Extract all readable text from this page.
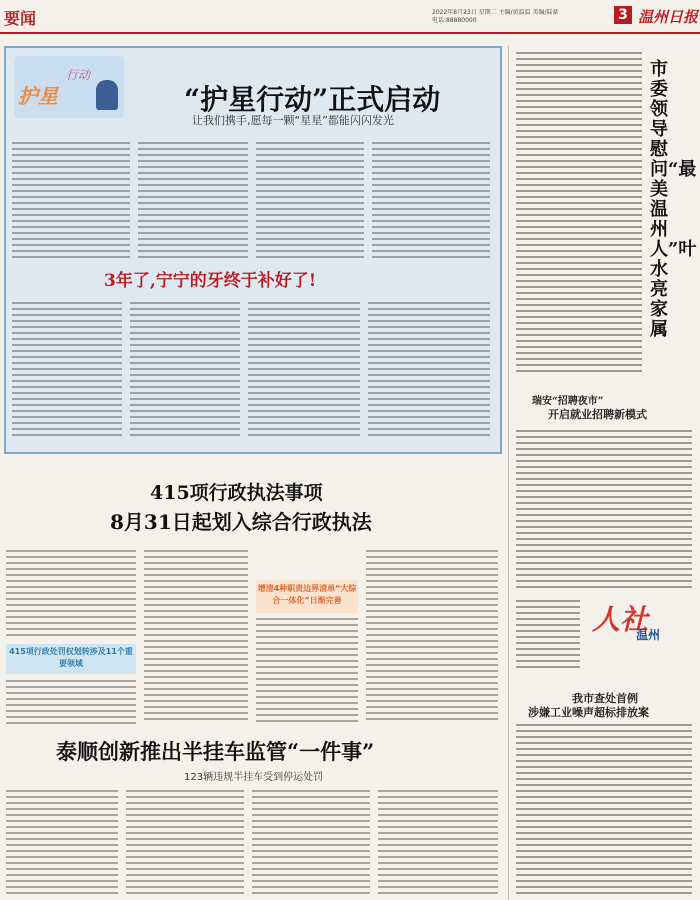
要闻	2022年8月23日 星期二 主编/黄温温 美编/陆豪
电话:88880000	3 温州日报
护星
行动
“护星行动”正式启动
让我们携手,愿每一颗“星星”都能闪闪发光
3年了,宁宁的牙终于补好了!
市委领导慰问“最美温州人”叶水亮家属
瑞安“招聘夜市”
开启就业招聘新模式
人社
温州
我市查处首例
涉嫌工业噪声超标排放案
415项行政执法事项
8月31日起划入综合行政执法
415项行政处罚权划转涉及11个重要领域
增清4种职责边界清单“大综合一体化”日渐完善
泰顺创新推出半挂车监管“一件事”
123辆违规半挂车受到停运处罚
